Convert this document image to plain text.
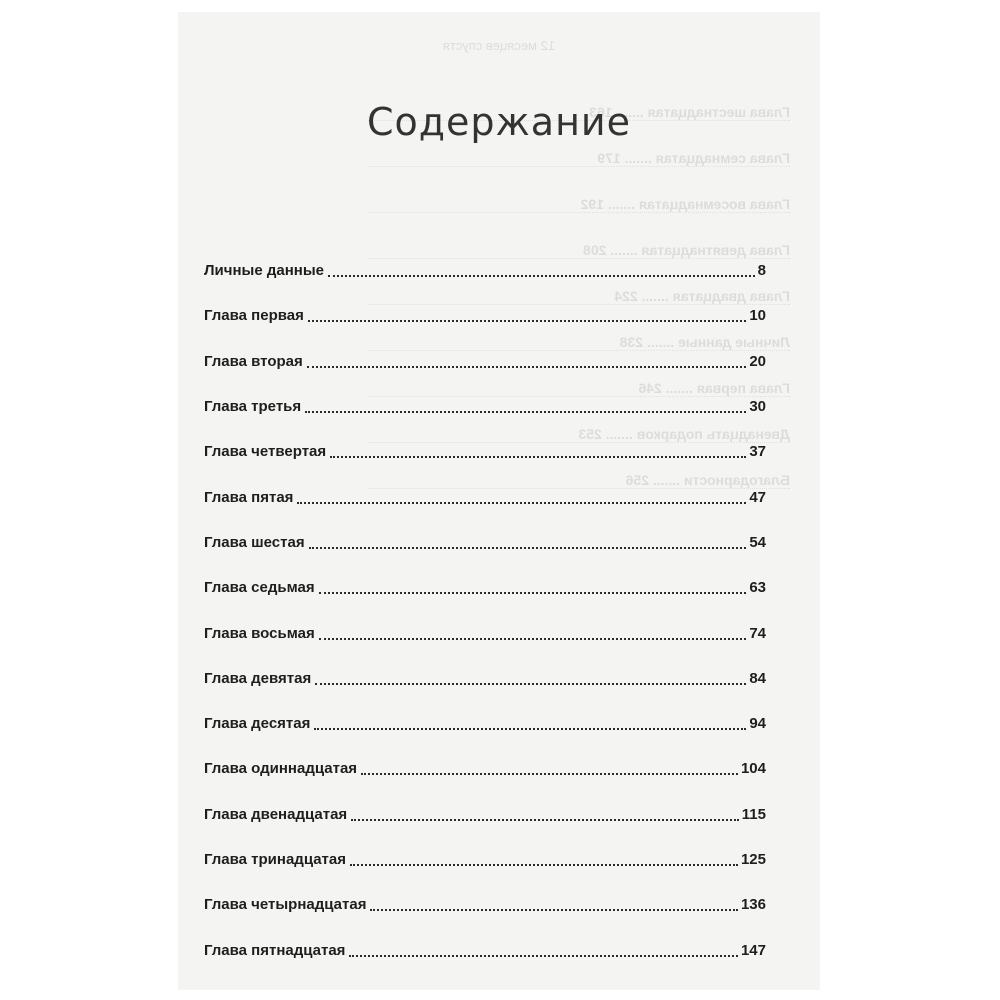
12 месяцев спустя
Глава шестнадцатая ....... 163
Глава семнадцатая ....... 179
Глава восемнадцатая ....... 192
Глава девятнадцатая ....... 208
Глава двадцатая ....... 224
Личные данные ....... 238
Глава первая ....... 246
Двенадцать подарков ....... 253
Благодарности ....... 256
Содержание
Личные данные	8
Глава первая	10
Глава вторая	20
Глава третья	30
Глава четвертая	37
Глава пятая	47
Глава шестая	54
Глава седьмая	63
Глава восьмая	74
Глава девятая	84
Глава десятая	94
Глава одиннадцатая	104
Глава двенадцатая	115
Глава тринадцатая	125
Глава четырнадцатая	136
Глава пятнадцатая	147
